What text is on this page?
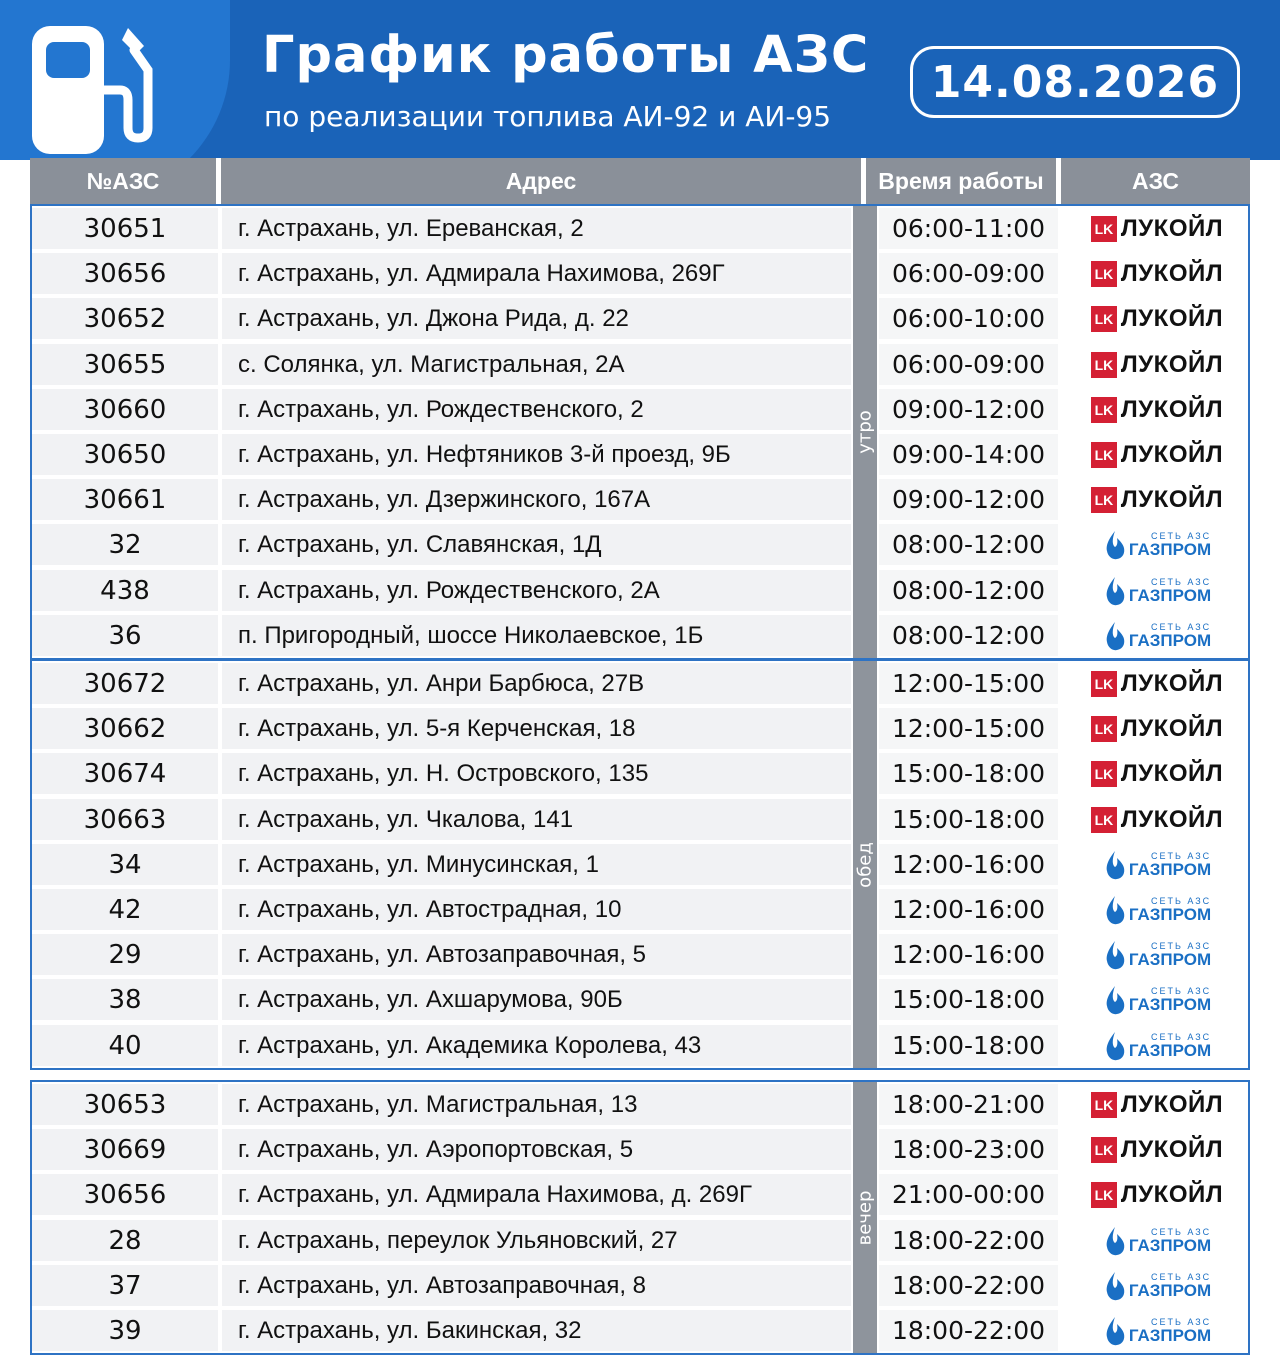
График работы АЗС
по реализации топлива АИ-92 и АИ-95
14.08.2026
№АЗС	Адрес	Время работы	АЗС
утро
30651	г. Астрахань, ул. Ереванская, 2	06:00-11:00	LK ЛУКОЙЛ
30656	г. Астрахань, ул. Адмирала Нахимова, 269Г	06:00-09:00	LK ЛУКОЙЛ
30652	г. Астрахань, ул. Джона Рида, д. 22	06:00-10:00	LK ЛУКОЙЛ
30655	с. Солянка, ул. Магистральная, 2А	06:00-09:00	LK ЛУКОЙЛ
30660	г. Астрахань, ул. Рождественского, 2	09:00-12:00	LK ЛУКОЙЛ
30650	г. Астрахань, ул. Нефтяников 3-й проезд, 9Б	09:00-14:00	LK ЛУКОЙЛ
30661	г. Астрахань, ул. Дзержинского, 167А	09:00-12:00	LK ЛУКОЙЛ
32	г. Астрахань, ул. Славянская, 1Д	08:00-12:00	СЕТЬ АЗС
ГАЗПРОМ
438	г. Астрахань, ул. Рождественского, 2А	08:00-12:00	СЕТЬ АЗС
ГАЗПРОМ
36	п. Пригородный, шоссе Николаевское, 1Б	08:00-12:00	СЕТЬ АЗС
ГАЗПРОМ
обед
30672	г. Астрахань, ул. Анри Барбюса, 27В	12:00-15:00	LK ЛУКОЙЛ
30662	г. Астрахань, ул. 5-я Керченская, 18	12:00-15:00	LK ЛУКОЙЛ
30674	г. Астрахань, ул. Н. Островского, 135	15:00-18:00	LK ЛУКОЙЛ
30663	г. Астрахань, ул. Чкалова, 141	15:00-18:00	LK ЛУКОЙЛ
34	г. Астрахань, ул. Минусинская, 1	12:00-16:00	СЕТЬ АЗС
ГАЗПРОМ
42	г. Астрахань, ул. Автострадная, 10	12:00-16:00	СЕТЬ АЗС
ГАЗПРОМ
29	г. Астрахань, ул. Автозаправочная, 5	12:00-16:00	СЕТЬ АЗС
ГАЗПРОМ
38	г. Астрахань, ул. Ахшарумова, 90Б	15:00-18:00	СЕТЬ АЗС
ГАЗПРОМ
40	г. Астрахань, ул. Академика Королева, 43	15:00-18:00	СЕТЬ АЗС
ГАЗПРОМ
вечер
30653	г. Астрахань, ул. Магистральная, 13	18:00-21:00	LK ЛУКОЙЛ
30669	г. Астрахань, ул. Аэропортовская, 5	18:00-23:00	LK ЛУКОЙЛ
30656	г. Астрахань, ул. Адмирала Нахимова, д. 269Г	21:00-00:00	LK ЛУКОЙЛ
28	г. Астрахань, переулок Ульяновский, 27	18:00-22:00	СЕТЬ АЗС
ГАЗПРОМ
37	г. Астрахань, ул. Автозаправочная, 8	18:00-22:00	СЕТЬ АЗС
ГАЗПРОМ
39	г. Астрахань, ул. Бакинская, 32	18:00-22:00	СЕТЬ АЗС
ГАЗПРОМ
